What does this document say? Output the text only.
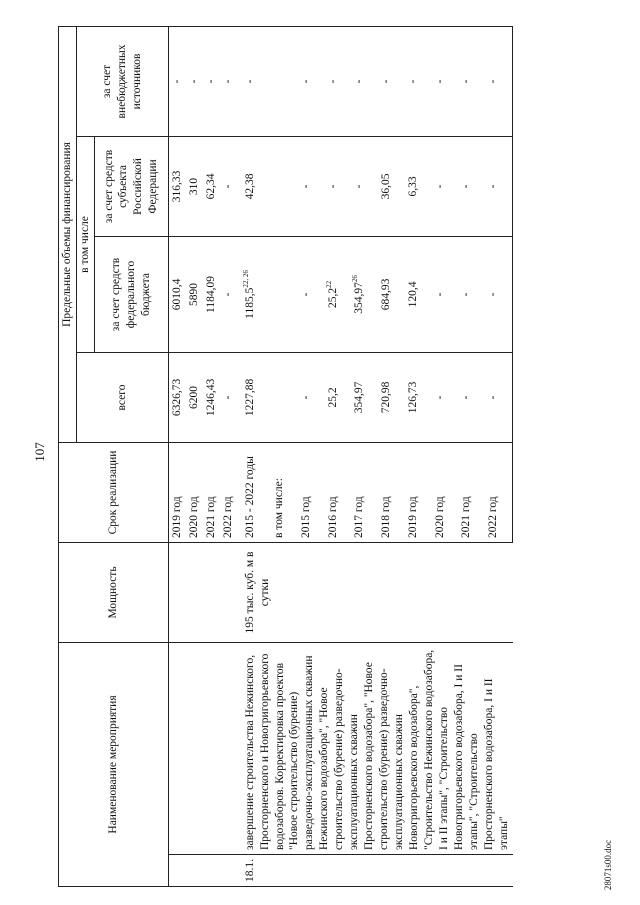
107
28071s00.doc
Наименование мероприятия		Мощность	Срок реализации	Предельные объемы финансирования			
				всего	в том числе		за счет внебюджетных источников
					за счет средств федерального бюджета	за счет средств субъекта Российской Федерации	
			2019 год	6326,73	6010,4	316,33	-
			2020 год	6200	5890	310	-
			2021 год	1246,43	1184,09	62,34	-
			2022 год	-	-	-	-
18.1.	завершение строительства Нежинского, Просторненского и Новогригорьевского водозаборов. Корректировка проектов "Новое строительство (бурение) разведочно-эксплуатационных скважин Нежинского водозабора", "Новое строительство (бурение) разведочно-эксплуатационных скважин Просторненского водозабора", "Новое строительство (бурение) разведочно-эксплуатационных скважин Новогригорьевского водозабора", "Строительство Нежинского водозабора, I и II этапы", "Строительство Новогригорьевского водозабора, I и II этапы", "Строительство Просторненского водозабора, I и II этапы"	195 тыс. куб. м в сутки	2015 - 2022 годы	1227,88	1185,5$^{22, 26}$	42,38	-
			в том числе:				
			2015 год	-	-	-	-
			2016 год	25,2	25,2$^{22}$	-	-
			2017 год	354,97	354,97$^{26}$	-	-
			2018 год	720,98	684,93	36,05	-
			2019 год	126,73	120,4	6,33	-
			2020 год	-	-	-	-
			2021 год	-	-	-	-
			2022 год	-	-	-	-
